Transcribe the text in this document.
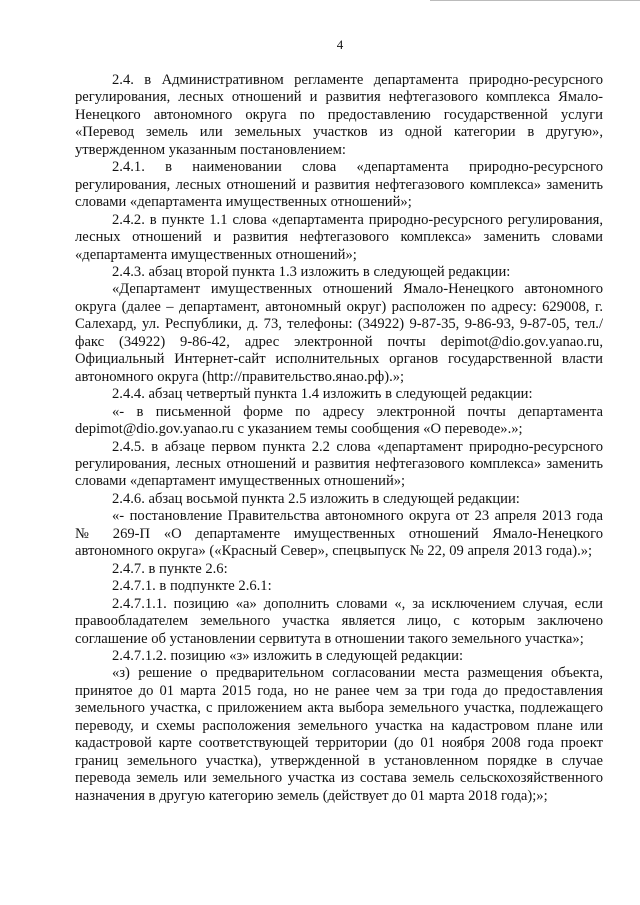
4

2.4. в Административном регламенте департамента природно-ресурсного регулирования, лесных отношений и развития нефтегазового комплекса Ямало-Ненецкого автономного округа по предоставлению государственной услуги «Перевод земель или земельных участков из одной категории в другую», утвержденном указанным постановлением:

2.4.1. в наименовании слова «департамента природно-ресурсного регулирования, лесных отношений и развития нефтегазового комплекса» заменить словами «департамента имущественных отношений»;

2.4.2. в пункте 1.1 слова «департамента природно-ресурсного регулирования, лесных отношений и развития нефтегазового комплекса» заменить словами «департамента имущественных отношений»;

2.4.3. абзац второй пункта 1.3 изложить в следующей редакции:

«Департамент имущественных отношений Ямало-Ненецкого автономного округа (далее – департамент, автономный округ) расположен по адресу: 629008, г. Салехард, ул. Республики, д. 73, телефоны: (34922) 9-87-35, 9-86-93, 9-87-05, тел./факс (34922) 9-86-42, адрес электронной почты depimot@dio.gov.yanao.ru, Официальный Интернет-сайт исполнительных органов государственной власти автономного округа (http://правительство.янао.рф).»;

2.4.4. абзац четвертый пункта 1.4 изложить в следующей редакции:

«- в письменной форме по адресу электронной почты департамента depimot@dio.gov.yanao.ru с указанием темы сообщения «О переводе».»;

2.4.5. в абзаце первом пункта 2.2 слова «департамент природно-ресурсного регулирования, лесных отношений и развития нефтегазового комплекса» заменить словами «департамент имущественных отношений»;

2.4.6. абзац восьмой пункта 2.5 изложить в следующей редакции:

«- постановление Правительства автономного округа от 23 апреля 2013 года № 269-П «О департаменте имущественных отношений Ямало-Ненецкого автономного округа» («Красный Север», спецвыпуск № 22, 09 апреля 2013 года).»;

2.4.7. в пункте 2.6:

2.4.7.1. в подпункте 2.6.1:

2.4.7.1.1. позицию «а» дополнить словами «, за исключением случая, если правообладателем земельного участка является лицо, с которым заключено соглашение об установлении сервитута в отношении такого земельного участка»;

2.4.7.1.2. позицию «з» изложить в следующей редакции:

«з) решение о предварительном согласовании места размещения объекта, принятое до 01 марта 2015 года, но не ранее чем за три года до предоставления земельного участка, с приложением акта выбора земельного участка, подлежащего переводу, и схемы расположения земельного участка на кадастровом плане или кадастровой карте соответствующей территории (до 01 ноября 2008 года проект границ земельного участка), утвержденной в установленном порядке в случае перевода земель или земельного участка из состава земель сельскохозяйственного назначения в другую категорию земель (действует до 01 марта 2018 года);»;
